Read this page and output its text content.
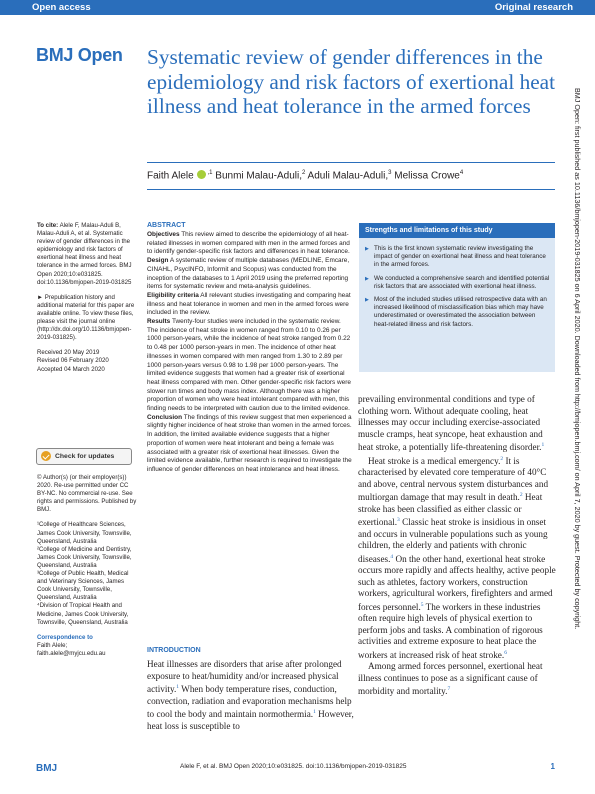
Open access	Original research
BMJ Open Systematic review of gender differences in the epidemiology and risk factors of exertional heat illness and heat tolerance in the armed forces
Faith Alele $^{,1}$ Bunmi Malau-Aduli,$^2$ Aduli Malau-Aduli,$^3$ Melissa Crowe$^4$

To cite: Alele F, Malau-Aduli B, Malau-Aduli A, et al. Systematic review of gender differences in the epidemiology and risk factors of exertional heat illness and heat tolerance in the armed forces. BMJ Open 2020;10:e031825. doi:10.1136/bmjopen-2019-031825

► Prepublication history and additional material for this paper are available online. To view these files, please visit the journal online (http://dx.doi.org/10.1136/bmjopen-2019-031825).

Received 20 May 2019

Revised 06 February 2020

Accepted 04 March 2020

Check for updates

© Author(s) (or their employer(s)) 2020. Re-use permitted under CC BY-NC. No commercial re-use. See rights and permissions. Published by BMJ.

¹College of Healthcare Sciences, James Cook University, Townsville, Queensland, Australia

²College of Medicine and Dentistry, James Cook University, Townsville, Queensland, Australia

³College of Public Health, Medical and Veterinary Sciences, James Cook University, Townsville, Queensland, Australia

⁴Division of Tropical Health and Medicine, James Cook University, Townsville, Queensland, Australia

Correspondence to

Faith Alele;

faith.alele@myjcu.edu.au

ABSTRACT

Objectives This review aimed to describe the epidemiology of all heat-related illnesses in women compared with men in the armed forces and to identify gender-specific risk factors and differences in heat tolerance.

Design A systematic review of multiple databases (MEDLINE, Emcare, CINAHL, PsycINFO, Informit and Scopus) was conducted from the inception of the databases to 1 April 2019 using the preferred reporting items for systematic review and meta-analysis guidelines.

Eligibility criteria All relevant studies investigating and comparing heat illness and heat tolerance in women and men in the armed forces were included in the review.

Results Twenty-four studies were included in the systematic review. The incidence of heat stroke in women ranged from 0.10 to 0.26 per 1000 person-years, while the incidence of heat stroke ranged from 0.22 to 0.48 per 1000 person-years in men. The incidence of other heat illnesses in women compared with men ranged from 1.30 to 2.89 per 1000 person-years versus 0.98 to 1.98 per 1000 person-years. The limited evidence suggests that women had a greater risk of exertional heat illness compared with men. Other gender-specific risk factors were slower run times and body mass index. Although there was a higher proportion of women who were heat intolerant compared with men, this finding needs to be interpreted with caution due to the limited evidence.

Conclusion The findings of this review suggest that men experienced a slightly higher incidence of heat stroke than women in the armed forces. In addition, the limited available evidence suggests that a higher proportion of women were heat intolerant and being a female was associated with a greater risk of exertional heat illnesses. Given the limited evidence available, further research is required to investigate the influence of gender differences on heat intolerance and heat illness.

INTRODUCTION
Heat illnesses are disorders that arise after prolonged exposure to heat/humidity and/or increased physical activity.$^1$ When body temperature rises, conduction, convection, radiation and evaporation mechanisms help to cool the body and maintain normothermia.$^1$ However, heat loss is susceptible to
Strengths and limitations of this study
▶ This is the first known systematic review investigating the impact of gender on exertional heat illness and heat tolerance in the armed forces.
▶ We conducted a comprehensive search and identified potential risk factors that are associated with exertional heat illness.
▶ Most of the included studies utilised retrospective data with an increased likelihood of misclassification bias which may have underestimated or overestimated the association between heat-related illness and risk factors.

prevailing environmental conditions and type of clothing worn. Without adequate cooling, heat illnesses may occur including exercise-associated muscle cramps, heat syncope, heat exhaustion and heat stroke, a potentially life-threatening disorder.$^1$

Heat stroke is a medical emergency.$^2$ It is characterised by elevated core temperature of 40°C and above, central nervous system disturbances and multiorgan damage that may result in death.$^2$ Heat stroke has been classified as either classic or exertional.$^3$ Classic heat stroke is insidious in onset and occurs in vulnerable populations such as young children, the elderly and patients with chronic diseases.$^4$ On the other hand, exertional heat stroke occurs more rapidly and affects healthy, active people such as athletes, factory workers, construction workers, agricultural workers, firefighters and armed forces personnel.$^5$ The workers in these industries often require high levels of physical exertion to perform jobs and tasks. A combination of rigorous activities and extreme exposure to heat place the workers at increased risk of heat stroke.$^6$

Among armed forces personnel, exertional heat illness continues to pose as a significant cause of morbidity and mortality.$^7$

BMJ Open: first published as 10.1136/bmjopen-2019-031825 on 6 April 2020. Downloaded from http://bmjopen.bmj.com/ on April 7, 2020 by guest. Protected by copyright.
BMJ	Alele F, et al. BMJ Open 2020;10:e031825. doi:10.1136/bmjopen-2019-031825	1
